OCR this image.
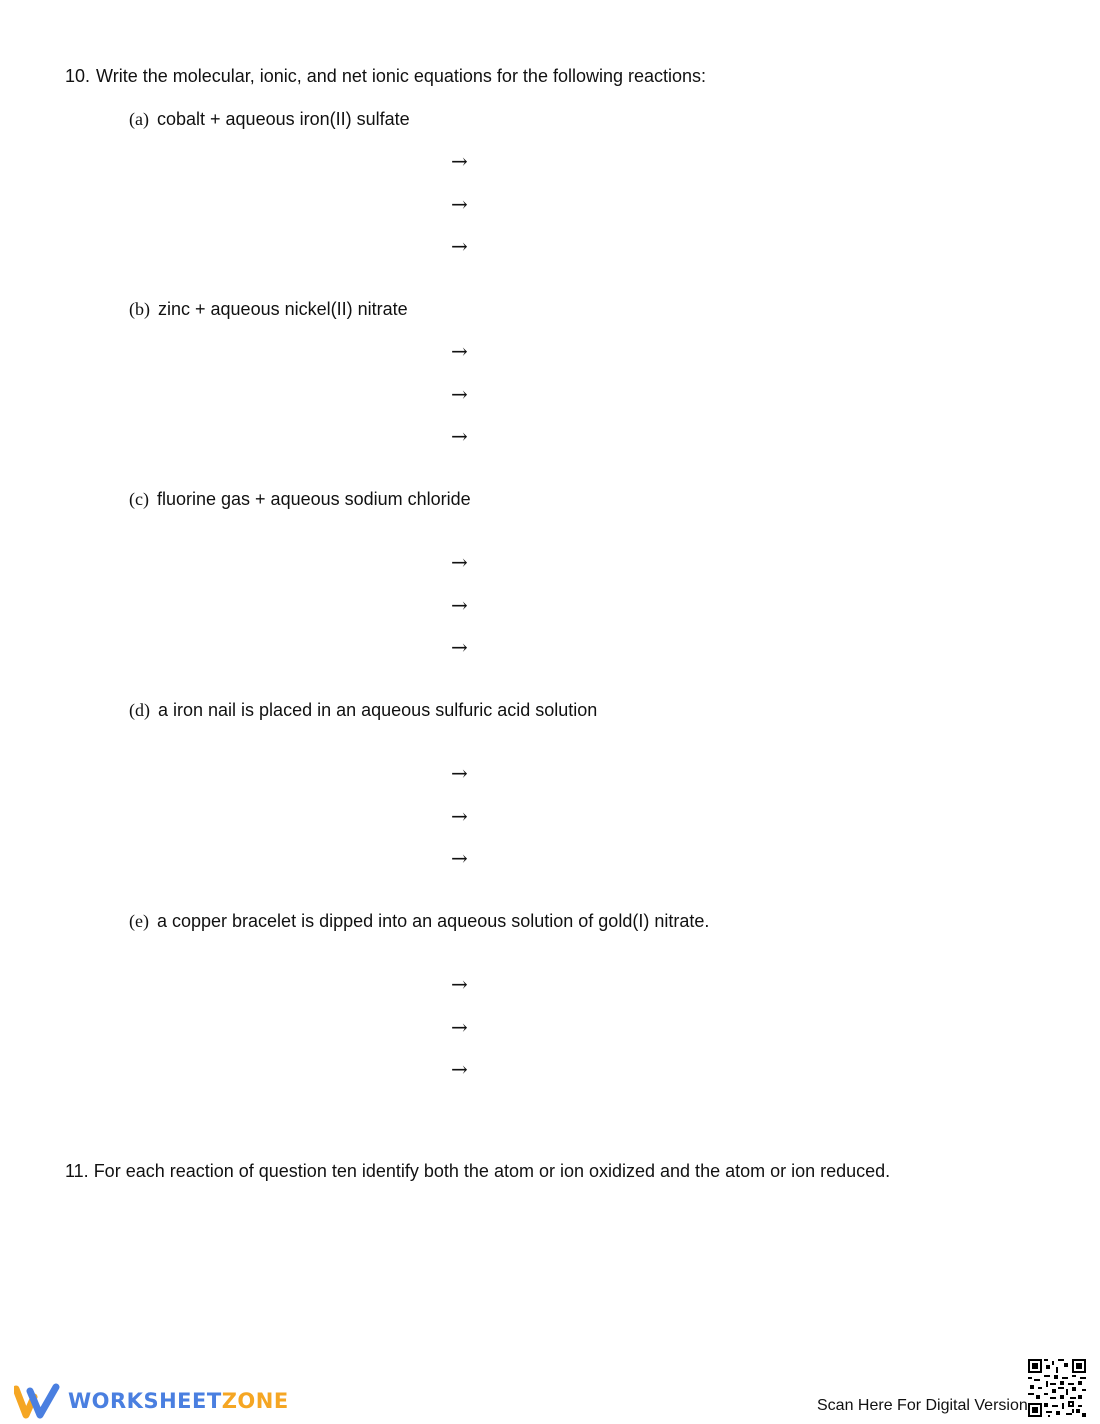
10. Write the molecular, ionic, and net ionic equations for the following reactions:
(a) cobalt + aqueous iron(II) sulfate
→
→
→
(b) zinc + aqueous nickel(II) nitrate
→
→
→
(c) fluorine gas + aqueous sodium chloride
→
→
→
(d) a iron nail is placed in an aqueous sulfuric acid solution
→
→
→
(e) a copper bracelet is dipped into an aqueous solution of gold(I) nitrate.
→
→
→
11. For each reaction of question ten identify both the atom or ion oxidized and the atom or ion reduced.
WORKSHEETZONE	Scan Here For Digital Version
